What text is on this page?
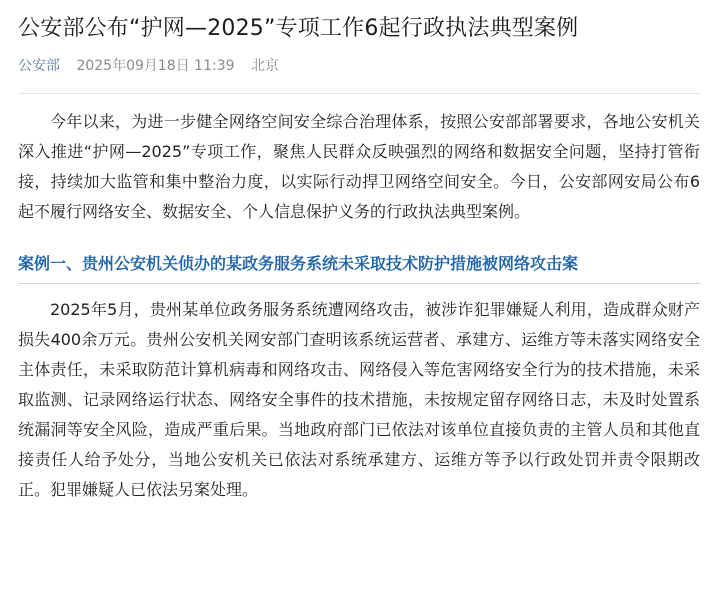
公安部公布“护网—2025”专项工作6起行政执法典型案例
公安部 2025年09月18日 11:39 北京

今年以来，为进一步健全网络空间安全综合治理体系，按照公安部部署要求，各地公安机关深入推进“护网—2025”专项工作，聚焦人民群众反映强烈的网络和数据安全问题，坚持打管衔接，持续加大监管和集中整治力度，以实际行动捍卫网络空间安全。今日，公安部网安局公布6起不履行网络安全、数据安全、个人信息保护义务的行政执法典型案例。

案例一、贵州公安机关侦办的某政务服务系统未采取技术防护措施被网络攻击案

2025年5月，贵州某单位政务服务系统遭网络攻击，被涉诈犯罪嫌疑人利用，造成群众财产损失400余万元。贵州公安机关网安部门查明该系统运营者、承建方、运维方等未落实网络安全主体责任，未采取防范计算机病毒和网络攻击、网络侵入等危害网络安全行为的技术措施，未采取监测、记录网络运行状态、网络安全事件的技术措施，未按规定留存网络日志，未及时处置系统漏洞等安全风险，造成严重后果。当地政府部门已依法对该单位直接负责的主管人员和其他直接责任人给予处分，当地公安机关已依法对系统承建方、运维方等予以行政处罚并责令限期改正。犯罪嫌疑人已依法另案处理。
